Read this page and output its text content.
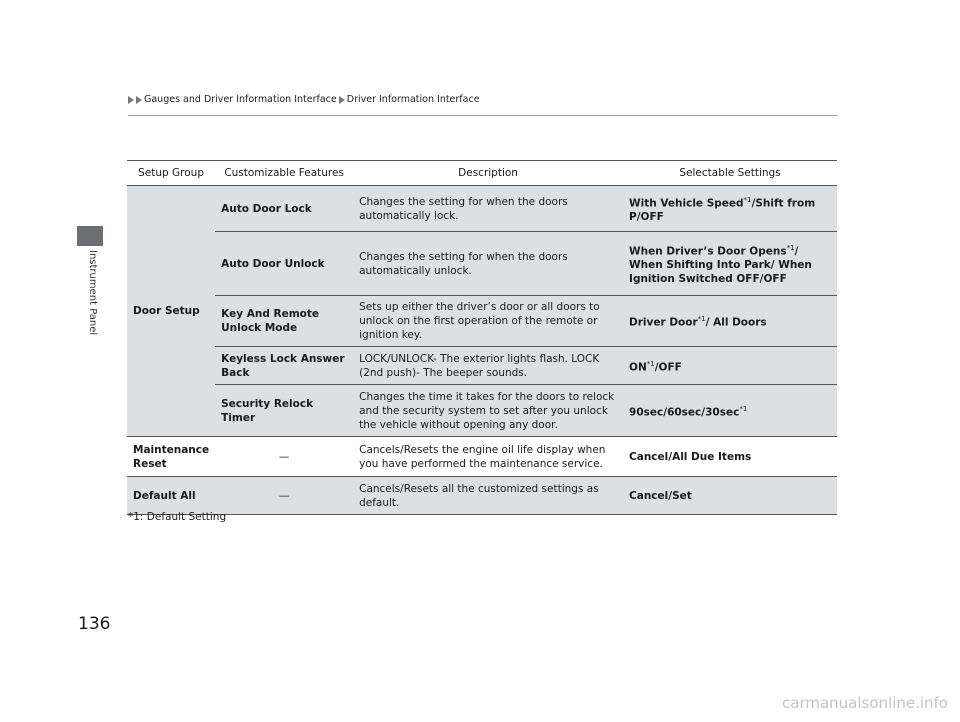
Instrument Panel
Gauges and Driver Information Interface Driver Information Interface
Setup Group	Customizable Features	Description	Selectable Settings
Door Setup	Auto Door Lock	Changes the setting for when the doors automatically lock.	With Vehicle Speed$^{*1}$/Shift from P/OFF
	Auto Door Unlock	Changes the setting for when the doors automatically unlock.	When Driver’s Door Opens$^{*1}$/ When Shifting Into Park/ When Ignition Switched OFF/OFF
	Key And Remote Unlock Mode	Sets up either the driver’s door or all doors to unlock on the first operation of the remote or ignition key.	Driver Door$^{*1}$/ All Doors
	Keyless Lock Answer Back	LOCK/UNLOCK- The exterior lights flash. LOCK (2nd push)- The beeper sounds.	ON$^{*1}$/OFF
	Security Relock Timer	Changes the time it takes for the doors to relock and the security system to set after you unlock the vehicle without opening any door.	$90\sec/60\sec/30\sec^{*1}$
Maintenance Reset	—	Cancels/Resets the engine oil life display when you have performed the maintenance service.	Cancel/All Due Items
Default All	—	Cancels/Resets all the customized settings as default.	Cancel/Set
*1: Default Setting
136
carmanualsonline.info
